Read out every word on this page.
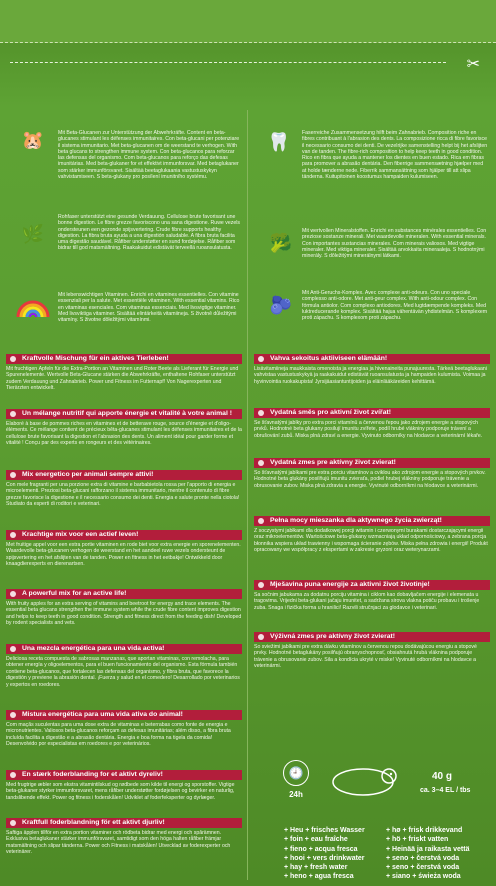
✂
🐹	Mit Beta-Glucanen zur Unterstützung der Abwehrkräfte. Content en beta-glucanes stimulant les défenses immunitaires. Con beta-glucani per potenziare il sistema immunitario. Met beta-glucanen om de weerstand te verhogen. With beta glucans to strengthen immune system. Con beta-glucanos para reforzar las defensas del organismo. Com beta-glucanos para reforço das defesas imunitárias. Med beta-glukaner for et effektivt immunforsvar. Med betaglukaner som stärker immunförsvaret. Sisältää beetaglukaania vastustuskykyn vahvistamiseen. S beta-glukany pro posílení imunitního systému.

🦷 Faserreiche Zusammensetzung hilft beim Zahnabrieb. Composition riche en fibres contribuant à l'abrasion des dents. La composizione ricca di fibre favorisce il necessario consumo dei denti. De vezelrijke samenstelling helpt bij het afslijten van de tanden. The fibre-rich composition to help keep teeth in good condition. Rico en fibra que ayuda a mantener los dientes en buen estado. Rica em fibras para promover a abrasão dentária. Den fiberrige sammensætning hjælper med at holde tænderne nede. Fiberrik sammansättning som hjälper till att slipa tänderna. Kuitupitoinen koostumus hampaiden kulumiseen.

🌿

Rohfaser unterstützt eine gesunde Verdauung. Cellulose brute favorisant une bonne digestion. Le fibre grezze favoriscono una sana digestione. Ruwe vezels ondersteunen een gezonde spijsvertering. Crude fibre supports healthy digestion. La fibra bruta ayuda a una digestión saludable. A fibra bruta facilita uma digestão saudável. Råfiber understøtter en sund fordøjelse. Råfiber som bidrar till god matsmältning. Raakakuidut edistävät terveellä ruoansulatusta.	🥦

Mit wertvollen Mineralstoffen. Enrichi en substances minérales essentielles. Con preziose sostanze minerali. Met waardevolle mineralen. With essential minerals. Con importantes sustancias minerales. Com minerais valiosos. Med vigtige mineraler. Med viktiga mineraler. Sisältää arvokkaita mineraaleja. S hodnotnými minerály. S dôležitými minerálnymi látkami.

Mit lebenswichtigen Vitaminen. Enrichi en vitamines essentielles. Con vitamine essenziali per la salute. Met essentiële vitaminen. With essential vitamins. Rico en vitaminas esenciales. Com vitaminas essenciais. Med livsvigtige vitaminer. Med livsviktiga vitaminer. Sisältää elintärkeitä vitamiineja. S životně důležitými vitamíny. S životne dôležitými vitamínmi.

🫐

Mit Anti-Geruchs-Komplex. Avec complexe anti-odeurs. Con uno speciale complesso anti-odore. Met anti-geur complex. With anti-odour complex. Con fórmula antiolor. Com complexo antiodores. Med lugtdæmpende kompleks. Med luktreducerande komplex. Sisältää hajua vähentävän yhdistelmän. S komplexem proti zápachu. S komplexom proti zápachu.

Kraftvolle Mischung für ein aktives Tierleben!
Mit fruchtigen Äpfeln für die Extra-Portion an Vitaminen und Roter Beete als Lieferant für Energie und Spurenelemente. Wertvolle Beta-Glucane stärken die Abwehrkräfte, enthaltene Rohfaser unterstützt zudem Verdauung und Zahnabrieb. Power und Fitness im Futternapf! Von Nagerexperten und Tierärzten entwickelt.
Un mélange nutritif qui apporte énergie et vitalité à votre animal !
Élaboré à base de pommes riches en vitamines et de betterave rouge, source d'énergie et d'oligo-éléments. Ce mélange contient de précieux bêta-glucanes stimulant les défenses immunitaires et de la cellulose brute favorisant la digestion et l'abrasion des dents. Un aliment idéal pour garder forme et vitalité ! Conçu par des experts en rongeurs et des vétérinaires.
Mix energetico per animali sempre attivi!
Con mele fragranti per una porzione extra di vitamine e barbabietola rossa per l'apporto di energia e microelementi. Preziosi beta-glucani rafforzano il sistema immunitario, mentre il contenuto di fibre grezze favorisce la digestione e il necessario consumo dei denti. Energia e salute pronte nella ciotola! Studiato da esperti di roditori e veterinari.
Krachtige mix voor een actief leven!
Met fruitige appel voor een extra portie vitaminen en rode biet voor extra energie en sporenelementen. Waardevolle beta-glucanen verhogen de weerstand en het aandeel ruwe vezels ondersteunt de spijsvertering en het afslijten van de tanden. Power en fitness in het eetbakje! Ontwikkeld door knaagdierexperts en dierenartsen.
A powerful mix for an active life!
With fruity apples for an extra serving of vitamins and beetroot for energy and trace elements. The essential beta glucans strengthen the immune system while the crude fibre content improves digestion and helps to keep teeth in good condition. Strength and fitness direct from the feeding dish! Developed by rodent specialists and vets.
Una mezcla energética para una vida activa!
Deliciosa receta compuesta de sabrosas manzanas, que aportan vitaminas, con remolacha, para obtener energía y oligoelementos, para el buen funcionamiento del organismo. Esta fórmula también contiene beta-glucanos, que fortalecen las defensas del organismo, y fibra bruta, que favorece la digestión y previene la abrasión dental. ¡Fuerza y salud en el comedero! Desarrollado por veterinarios y expertos en roedores.
Mistura energética para uma vida ativa do animal!
Com maçãs suculentas para uma dose extra de vitaminas e beterrabas como fonte de energia e micronutrientes. Valiosos beta-glucanos reforçam as defesas imunitárias; além disso, a fibra bruta incluída facilita a digestão e a abrasão dentária. Energia e boa forma na tigela da comida! Desenvolvido por especialistas em roedores e por veterinários.
En stærk foderblanding for et aktivt dyreliv!
Med frugtrige æbler som ekstra vitamintilskud og rødbede som kilde til energi og sporstoffer. Vigtige beta-glukaner styrker immunforsvaret, mens råfiber understøtter fordøjelsen og bevirker en naturlig, tandslibende effekt. Power og fitness i foderskålen! Udviklet af foderfeksperter og dyrlæger.
Kraftfull foderblandning för ett aktivt djurliv!
Saftiga äpplen tillför en extra portion vitaminer och rödbeta bidrar med energi och spårämnen. Exklusiva betaglukaner stärker immunförsvaret, samtidigt som den höga halten råfiber främjar matsmältning och slipar tänderna. Power och Fitness i matskålen! Utvecklad av foderexperter och veterinärer.
Vahva sekoitus aktiiviseen elämään!
Lisävitamiineja maukkaista omenoista ja energiaa ja hivenaineita punajuuresta. Tärkeä beetaglukaani vahvistaa vastustuskykyä ja raakakuidut edistävät ruoansulatusta ja hampaiden kulumista. Voimaa ja hyvinvointia ruokakupista! Jyrsijäasiantuntijoiden ja eläinlääkäreiden kehittämä.
Vydatná směs pro aktivní život zvířat!
Se šťavnatými jablky pro extra porci vitamínů a červenou řepou jako zdrojem energie a stopových prvků. Hodnotné beta glukany posilují imunitu zvířete, podíl hrubé vlákniny podporuje trávení a obrušování zubů. Miska plná zdraví a energie. Vyvinuto odborníky na hlodavce a veterinární lékaře.
Vydatná zmes pre aktívny život zvierat!
So šťavnatými jablkami pre extra porciu vitamínov a cviklou ako zdrojom energie a stopových prvkov. Hodnotné beta glukány posilňujú imunitu zvieraťa, podiel hrubej vlákniny podporuje trávenie a obrusovanie zubov. Miska plná zdravia a energie. Vyvinuté odborníkmi na hlodavce a veterinármi.
Pełna mocy mieszanka dla aktywnego życia zwierząt!
Z soczystymi jabłkami dla dodatkowej porcji witamin i czerwonymi burakami dostarczającymi energii oraz mikroelementów. Wartościowe beta-glukany wzmacniają układ odpornościowy, a zebrana porcja błonnika wspiera układ trawienny i wspomaga ścieranie zębów. Miska pełna zdrowia i energii! Produkt opracowany we współpracy z ekspertami w zakresie gryzoni oraz weterynarzami.
Mješavina puna energije za aktivni život životinje!
Sa sočnim jabukama za dodatnu porciju vitamina i ciklom kao dobavljačem energije i elemenata u tragovima. Vrijedni beta-glukani jačaju imunitet, a sadržana sirova vlakna potiču probavu i trošenje zuba. Snaga i fizička forma u hranilici! Razvili stručnjaci za glodavce i veterinari.
Výživná zmes pre aktívny život zvierat!
So sviežimi jablkami pre extra dávku vitamínov a červenou repou dodávajúcou energiu a stopové prvky. Hodnotné betaglukány posilňujú obranyschopnosť, obsiahnutá hrubá vláknina podporuje trávenie a obrusovanie zubov. Sila a kondícia ukryté v miske! Vyvinuté odborníkmi na hlodavce a veterinármi.
🕘
24h
40 g
ca. 3–4 EL / tbs
+ Heu + frisches Wasser
+ foin + eau fraîche
+ fieno + acqua fresca
+ hooi + vers drinkwater
+ hay + fresh water
+ heno + agua fresca
+ hø + frisk drikkevand
+ hö + friskt vatten
+ Heinää ja raikasta vettä
+ seno + čerstvá voda
+ seno + čerstvá voda
+ siano + świeża woda
